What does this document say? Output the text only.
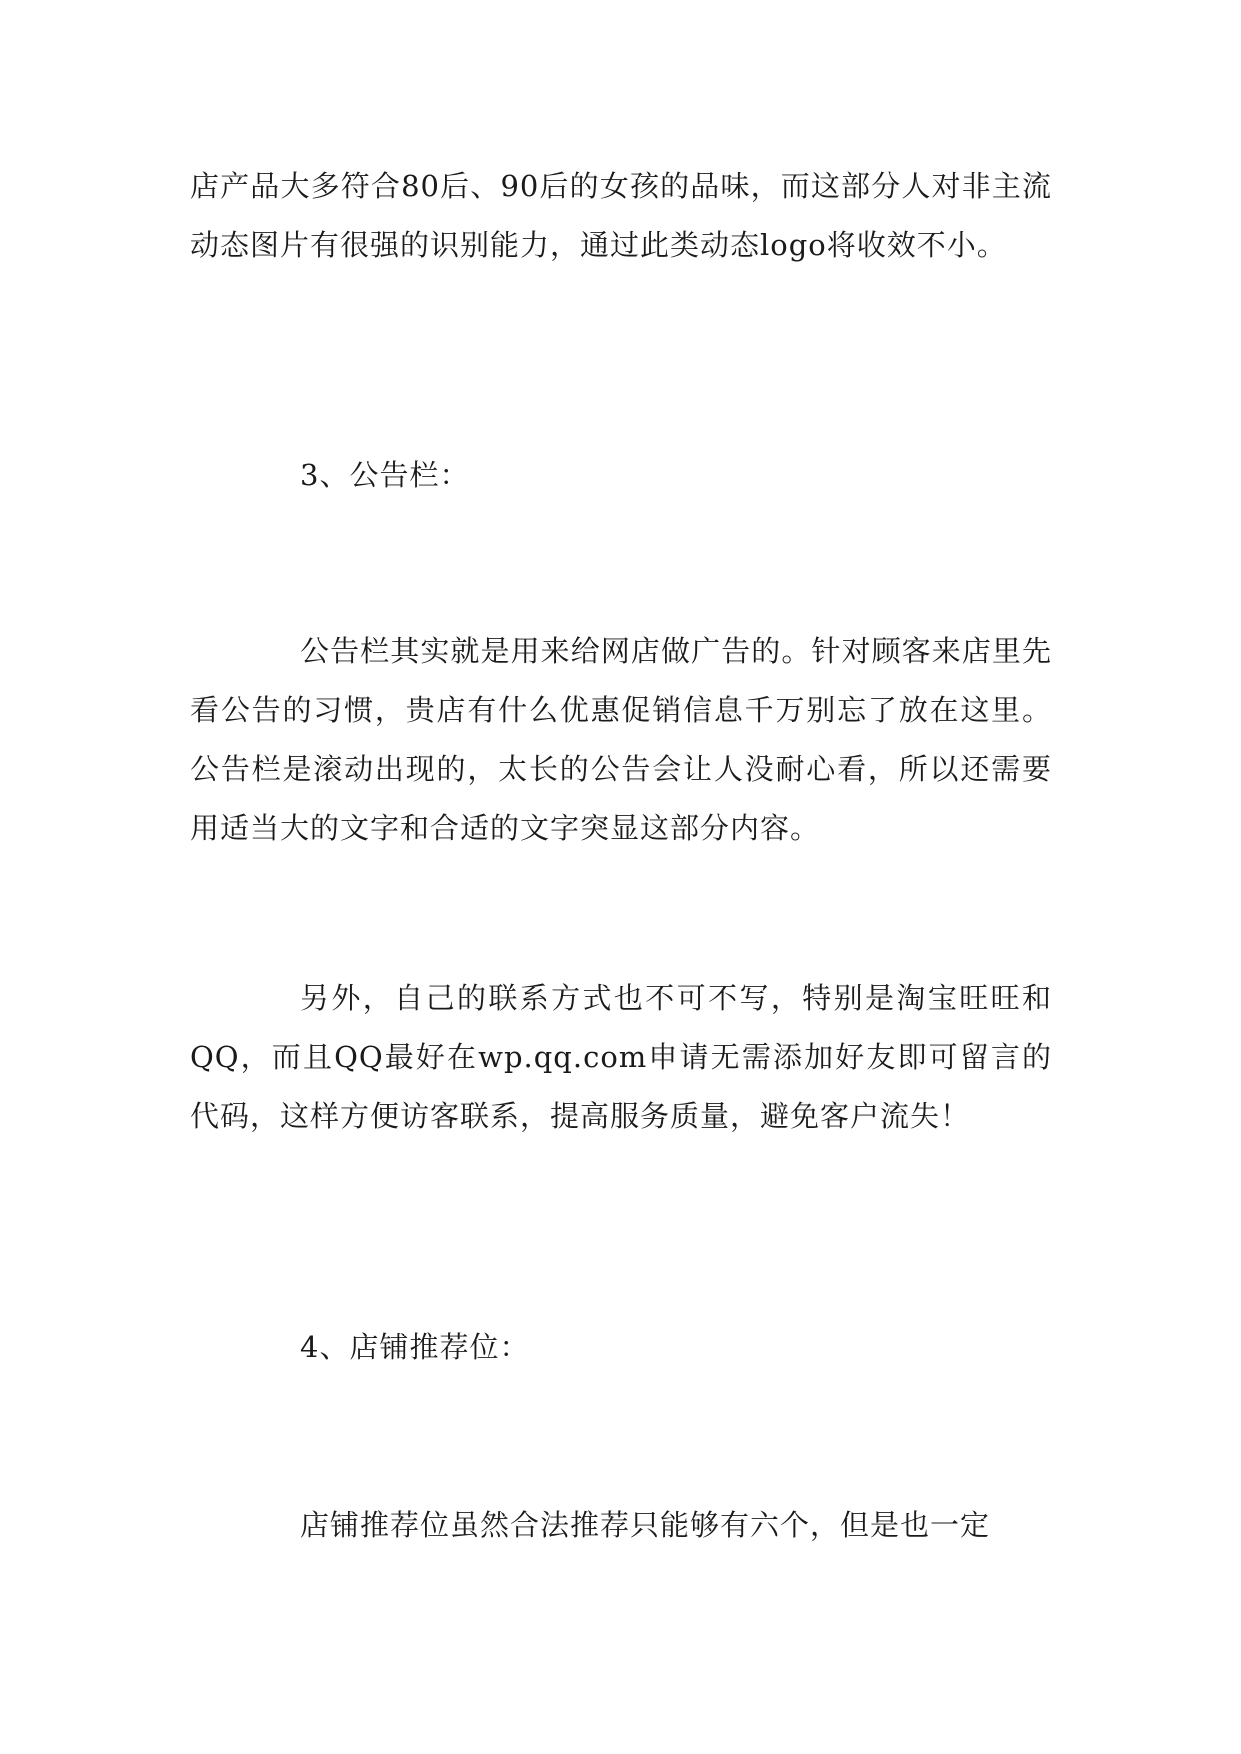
店产品大多符合80后、90后的女孩的品味，而这部分人对非主流动态图片有很强的识别能力，通过此类动态logo将收效不小。

3、公告栏：

公告栏其实就是用来给网店做广告的。针对顾客来店里先看公告的习惯，贵店有什么优惠促销信息千万别忘了放在这里。公告栏是滚动出现的，太长的公告会让人没耐心看，所以还需要用适当大的文字和合适的文字突显这部分内容。

另外，自己的联系方式也不可不写，特别是淘宝旺旺和QQ，而且QQ最好在wp.qq.com申请无需添加好友即可留言的代码，这样方便访客联系，提高服务质量，避免客户流失！

4、店铺推荐位：

店铺推荐位虽然合法推荐只能够有六个，但是也一定
